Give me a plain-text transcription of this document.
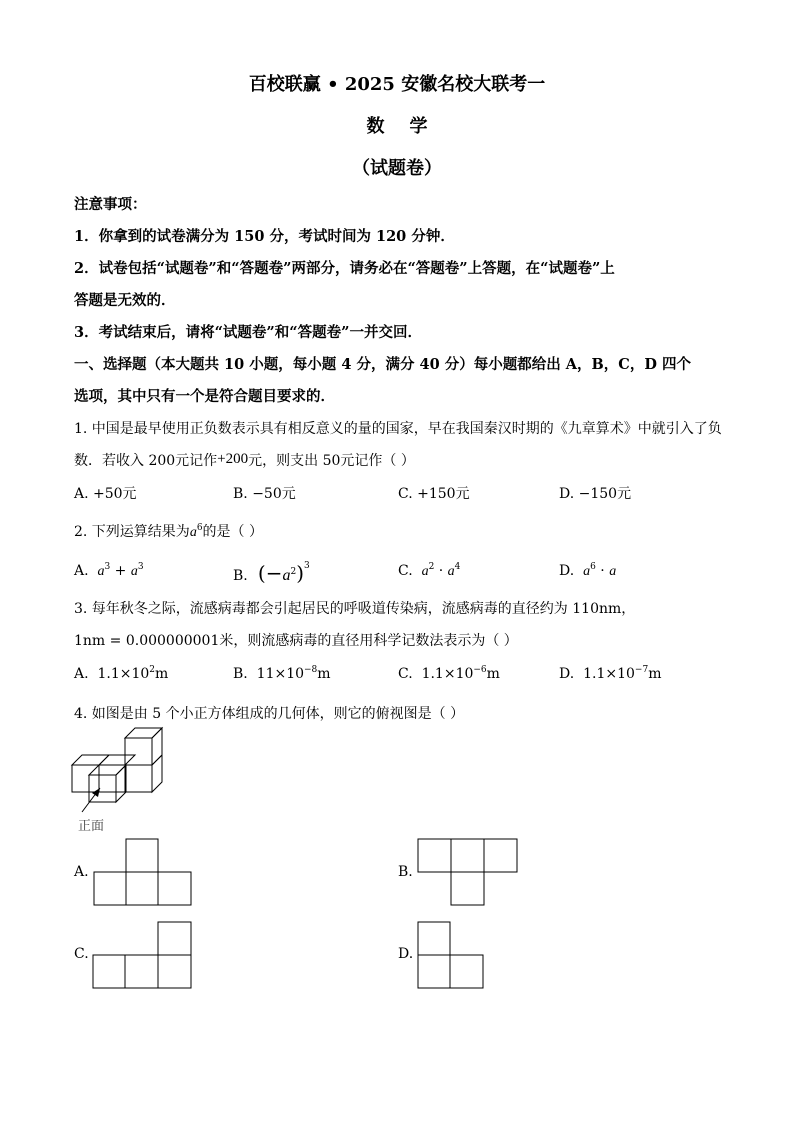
百校联赢 • 2025 安徽名校大联考一
数    学
（试题卷）
注意事项：
1．你拿到的试卷满分为 150 分，考试时间为 120 分钟．
2．试卷包括“试题卷”和“答题卷”两部分，请务必在“答题卷”上答题，在“试题卷”上
答题是无效的．
3．考试结束后，请将“试题卷”和“答题卷”一并交回．
一、选择题（本大题共 10 小题，每小题 4 分，满分 40 分）每小题都给出 A，B，C，D 四个
选项，其中只有一个是符合题目要求的．
1. 中国是最早使用正负数表示具有相反意义的量的国家，早在我国秦汉时期的《九章算术》中就引入了负
数．若收入 200元记作+200元，则支出 50元记作（ ）
A. +50元	B. −50元	C. +150元	D. −150元
2. 下列运算结果为$a^6$的是（ ）
A. $a^3 + a^3$
B. $(-a^2)^3$	C. $a^2 \cdot a^4$	D. $a^6 \cdot a$
3. 每年秋冬之际，流感病毒都会引起居民的呼吸道传染病，流感病毒的直径约为 110nm，
1nm = 0.000000001米，则流感病毒的直径用科学记数法表示为（ ）
A. $1.1\times 10^2m$	B. $11\times 10^{-8}m$	C. $1.1\times 10^{-6}m$	D. $1.1\times 10^{-7}m$
4. 如图是由 5 个小正方体组成的几何体，则它的俯视图是（ ）
正面
A.	B.
C.	D.
